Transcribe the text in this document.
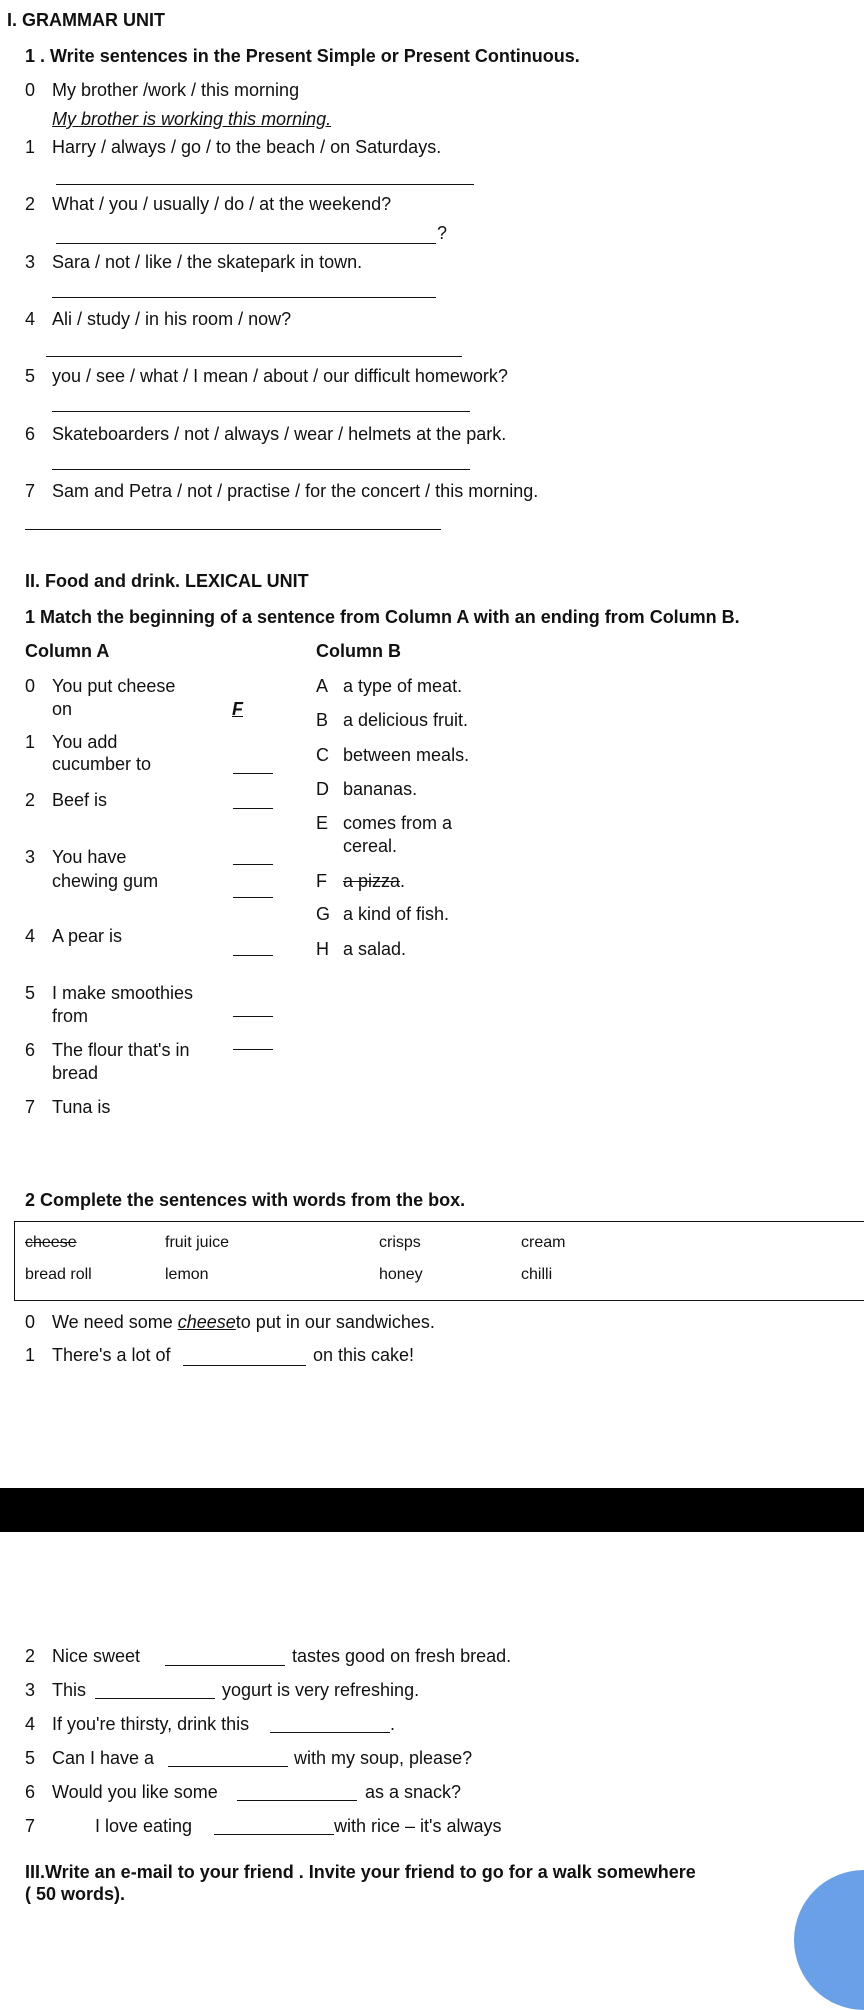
I. GRAMMAR UNIT
1 . Write sentences in the Present Simple or Present Continuous.
0 My brother /work / this morning
My brother is working this morning.
1 Harry / always / go / to the beach / on Saturdays.
2 What / you / usually / do / at the weekend?
?
3 Sara / not / like / the skatepark in town.
4 Ali / study / in his room / now?
5 you / see / what / I mean / about / our difficult homework?
6 Skateboarders / not / always / wear / helmets at the park.
7 Sam and Petra / not / practise / for the concert / this morning.
II. Food and drink. LEXICAL UNIT
1 Match the beginning of a sentence from Column A with an ending from Column B.
Column A	Column B
0 You put cheese
on	F
1 You add
cucumber to
2 Beef is
3 You have
chewing gum
4 A pear is
5 I make smoothies
from
6 The flour that's in
bread
7 Tuna is
A a type of meat.
B a delicious fruit.
C between meals.
D bananas.
E comes from a
cereal.
F a pizza.
G a kind of fish.
H a salad.
2 Complete the sentences with words from the box.
cheese	fruit juice	crisps	cream
bread roll	lemon	honey	chilli
0 We need some cheeseto put in our sandwiches.
1 There's a lot of	on this cake!
2 Nice sweet	tastes good on fresh bread.
3 This	yogurt is very refreshing.
4 If you're thirsty, drink this	.
5 Can I have a	with my soup, please?
6 Would you like some	as a snack?
7	I love eating	with rice – it's always
III.Write an e-mail to your friend . Invite your friend to go for a walk somewhere
( 50 words).
